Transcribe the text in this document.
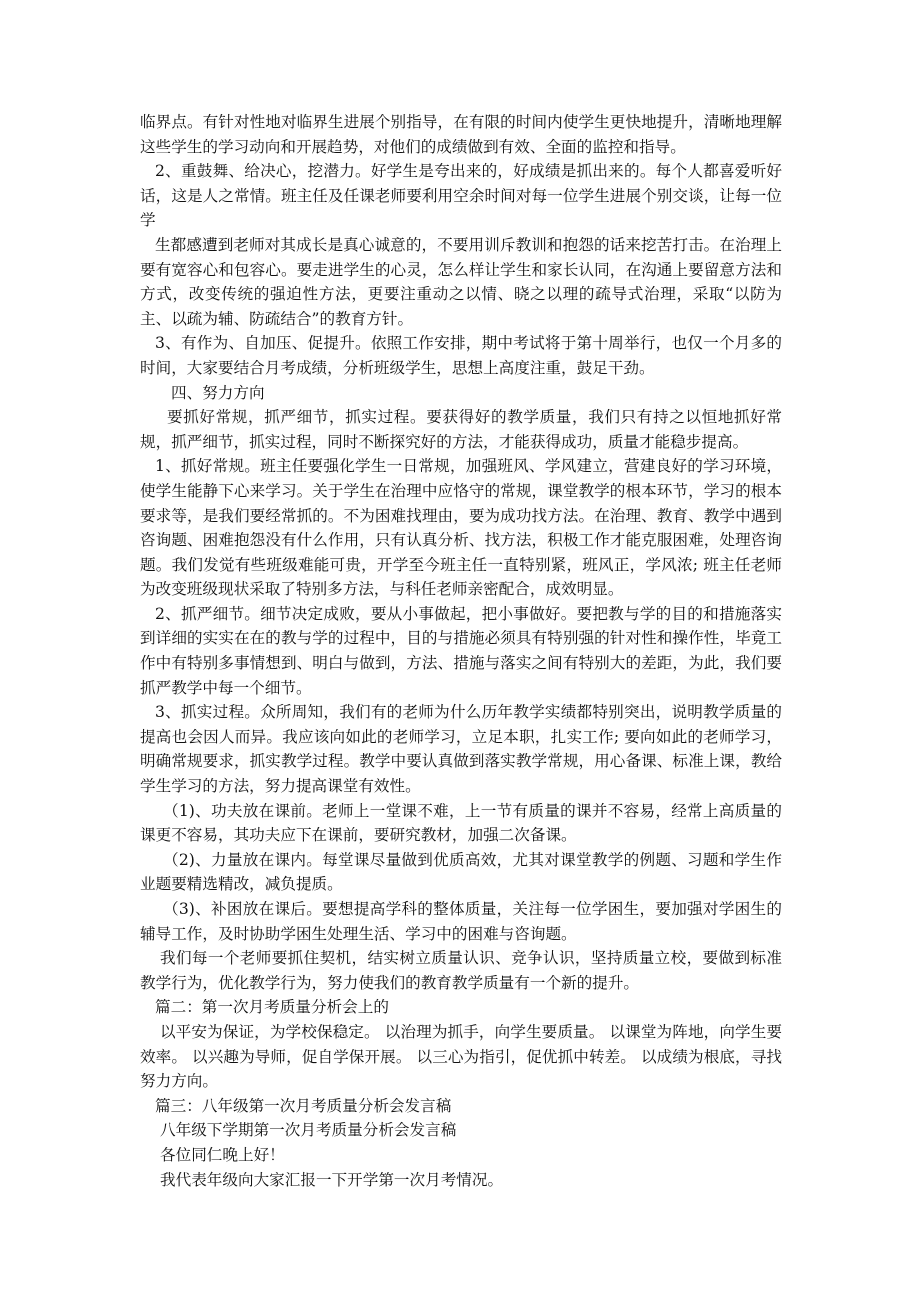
临界点。有针对性地对临界生进展个别指导，在有限的时间内使学生更快地提升，清晰地理解这些学生的学习动向和开展趋势，对他们的成绩做到有效、全面的监控和指导。

2、重鼓舞、给决心，挖潜力。好学生是夸出来的，好成绩是抓出来的。每个人都喜爱听好话，这是人之常情。班主任及任课老师要利用空余时间对每一位学生进展个别交谈，让每一位学

生都感遭到老师对其成长是真心诚意的，不要用训斥教训和抱怨的话来挖苦打击。在治理上要有宽容心和包容心。要走进学生的心灵，怎么样让学生和家长认同，在沟通上要留意方法和方式，改变传统的强迫性方法，更要注重动之以情、晓之以理的疏导式治理，采取“以防为主、以疏为辅、防疏结合”的教育方针。

3、有作为、自加压、促提升。依照工作安排，期中考试将于第十周举行，也仅一个月多的时间，大家要结合月考成绩，分析班级学生，思想上高度注重，鼓足干劲。

四、努力方向

要抓好常规，抓严细节，抓实过程。要获得好的教学质量，我们只有持之以恒地抓好常规，抓严细节，抓实过程，同时不断探究好的方法，才能获得成功，质量才能稳步提高。

1、抓好常规。班主任要强化学生一日常规，加强班风、学风建立，营建良好的学习环境，使学生能静下心来学习。关于学生在治理中应恪守的常规，课堂教学的根本环节，学习的根本要求等，是我们要经常抓的。不为困难找理由，要为成功找方法。在治理、教育、教学中遇到咨询题、困难抱怨没有什么作用，只有认真分析、找方法，积极工作才能克服困难，处理咨询题。我们发觉有些班级难能可贵，开学至今班主任一直特别紧，班风正，学风浓; 班主任老师为改变班级现状采取了特别多方法，与科任老师亲密配合，成效明显。

2、抓严细节。细节决定成败，要从小事做起，把小事做好。要把教与学的目的和措施落实到详细的实实在在的教与学的过程中，目的与措施必须具有特别强的针对性和操作性，毕竟工作中有特别多事情想到、明白与做到，方法、措施与落实之间有特别大的差距，为此，我们要抓严教学中每一个细节。

3、抓实过程。众所周知，我们有的老师为什么历年教学实绩都特别突出，说明教学质量的提高也会因人而异。我应该向如此的老师学习，立足本职，扎实工作; 要向如此的老师学习，明确常规要求，抓实教学过程。教学中要认真做到落实教学常规，用心备课、标准上课，教给学生学习的方法，努力提高课堂有效性。

（1)、功夫放在课前。老师上一堂课不难，上一节有质量的课并不容易，经常上高质量的课更不容易，其功夫应下在课前，要研究教材，加强二次备课。

（2)、力量放在课内。每堂课尽量做到优质高效，尤其对课堂教学的例题、习题和学生作业题要精选精改，减负提质。

（3)、补困放在课后。要想提高学科的整体质量，关注每一位学困生，要加强对学困生的辅导工作，及时协助学困生处理生活、学习中的困难与咨询题。

我们每一个老师要抓住契机，结实树立质量认识、竞争认识，坚持质量立校，要做到标准教学行为，优化教学行为，努力使我们的教育教学质量有一个新的提升。

篇二：第一次月考质量分析会上的

以平安为保证，为学校保稳定。 以治理为抓手，向学生要质量。 以课堂为阵地，向学生要效率。 以兴趣为导师，促自学保开展。 以三心为指引，促优抓中转差。 以成绩为根底，寻找努力方向。

篇三：八年级第一次月考质量分析会发言稿

八年级下学期第一次月考质量分析会发言稿

各位同仁晚上好！

我代表年级向大家汇报一下开学第一次月考情况。
